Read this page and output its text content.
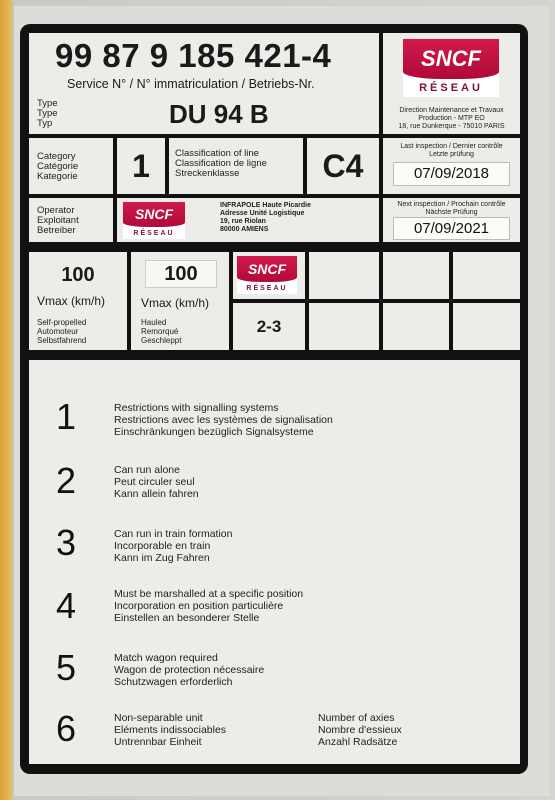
99 87 9 185 421-4
Service N° / N° immatriculation / Betriebs-Nr.
Type
Type
Typ	DU 94 B
SNCF
RÉSEAU
Direction Maintenance et Travaux
Production - MTP EO
18, rue Dunkerque - 75010 PARIS
Category
Catégorie
Kategorie	1	Classification of line
Classification de ligne
Streckenklasse	C4
Last inspection / Dernier contrôle
Letzte prüfung
07/09/2018
Operator
Exploitant
Betreiber
SNCF
RÉSEAU
INFRAPOLE Haute Picardie
Adresse Unité Logistique
19, rue Riolan
80000 AMIENS
Next inspection / Prochain contrôle
Nächste Prüfung
07/09/2021
100
Vmax (km/h)
Self-propelled
Automoteur
Selbstfahrend
100
Vmax (km/h)
Hauled
Remorqué
Geschleppt
SNCF
RÉSEAU
2-3
1	Restrictions with signalling systems
Restrictions avec les systèmes de signalisation
Einschränkungen bezüglich Signalsysteme
2	Can run alone
Peut circuler seul
Kann allein fahren
3	Can run in train formation
Incorporable en train
Kann im Zug Fahren
4	Must be marshalled at a specific position
Incorporation en position particulière
Einstellen an besonderer Stelle
5	Match wagon required
Wagon de protection nécessaire
Schutzwagen erforderlich
6	Non-separable unit
Eléments indissociables
Untrennbar Einheit
Number of axies
Nombre d'essieux
Anzahl Radsätze
